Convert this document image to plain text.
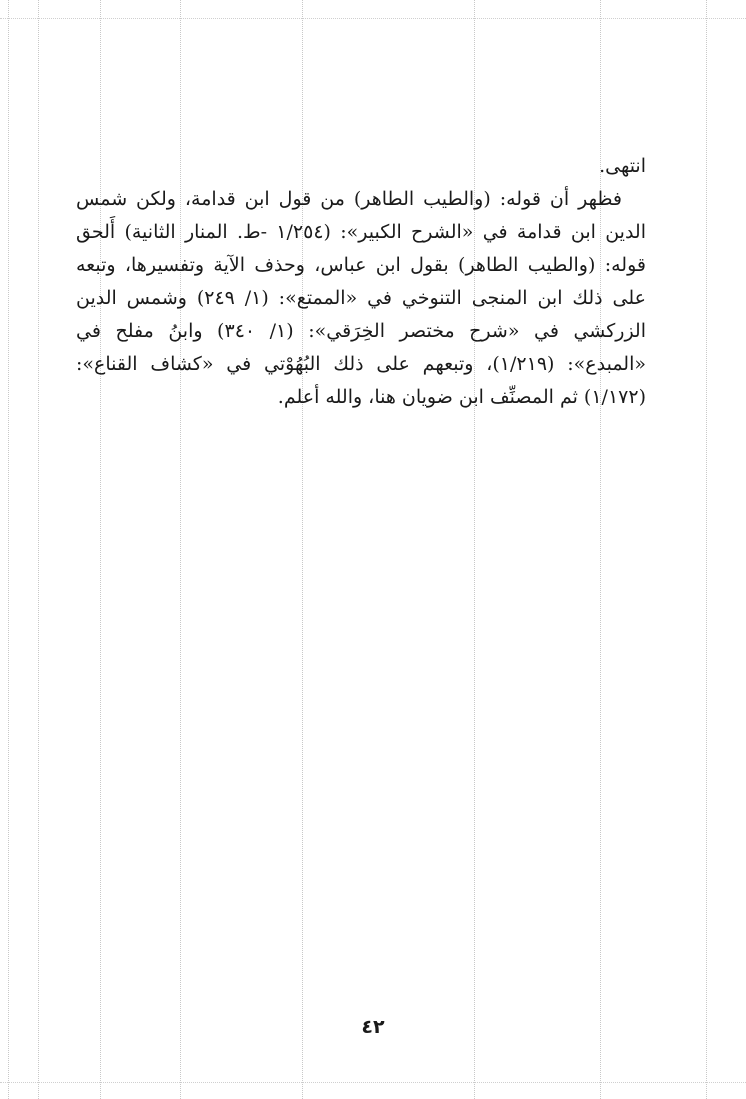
انتهى.

فظهر أن قوله: (والطيب الطاهر) من قول ابن قدامة، ولكن شمس الدين ابن قدامة في «الشرح الكبير»: (١/٢٥٤ -ط. المنار الثانية) أَلحق قوله: (والطيب الطاهر) بقول ابن عباس، وحذف الآية وتفسيرها، وتبعه على ذلك ابن المنجى التنوخي في «الممتع»: (١/ ٢٤٩) وشمس الدين الزركشي في «شرح مختصر الخِرَقي»: (١/ ٣٤٠) وابنُ مفلح في «المبدع»: (١/٢١٩)، وتبعهم على ذلك البُهُوْتي في «كشاف القناع»: (١/١٧٢) ثم المصنِّف ابن ضويان هنا، والله أعلم.

٤٢
